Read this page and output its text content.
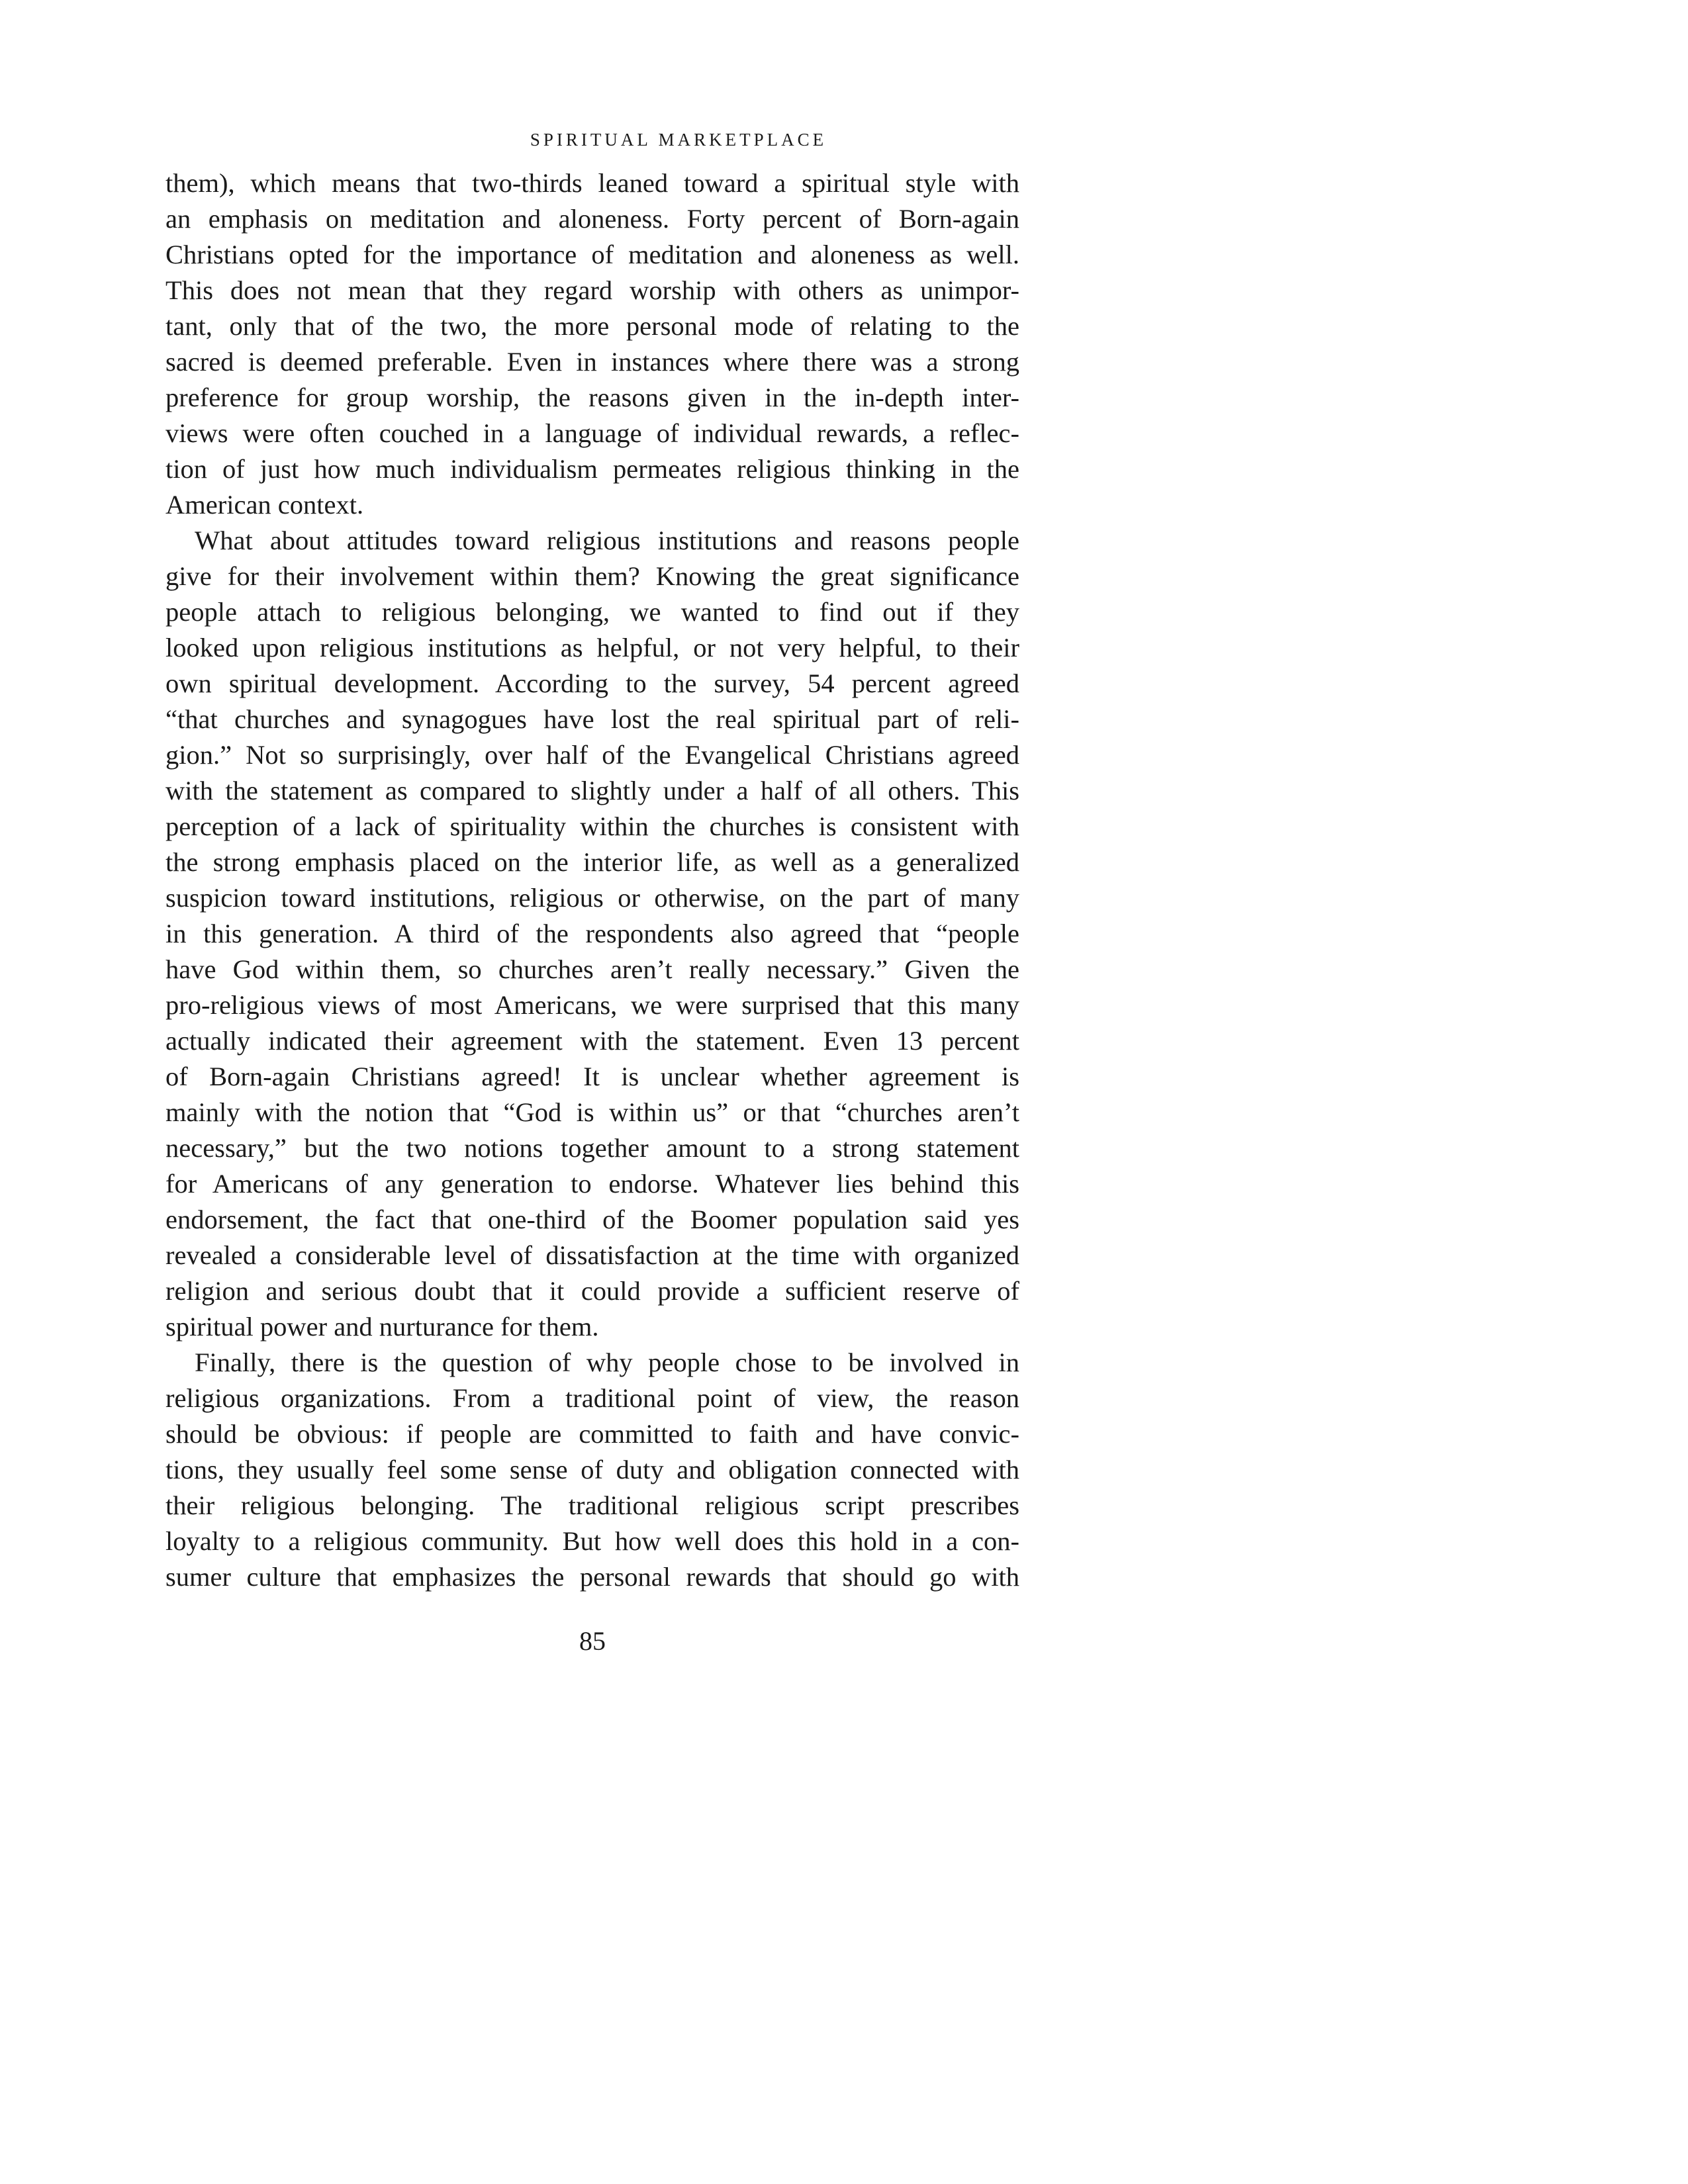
SPIRITUAL MARKETPLACE
them), which means that two-thirds leaned toward a spiritual style with
an emphasis on meditation and aloneness. Forty percent of Born-again
Christians opted for the importance of meditation and aloneness as well.
This does not mean that they regard worship with others as unimpor-
tant, only that of the two, the more personal mode of relating to the
sacred is deemed preferable. Even in instances where there was a strong
preference for group worship, the reasons given in the in-depth inter-
views were often couched in a language of individual rewards, a reflec-
tion of just how much individualism permeates religious thinking in the
American context.
What about attitudes toward religious institutions and reasons people
give for their involvement within them? Knowing the great significance
people attach to religious belonging, we wanted to find out if they
looked upon religious institutions as helpful, or not very helpful, to their
own spiritual development. According to the survey, 54 percent agreed
“that churches and synagogues have lost the real spiritual part of reli-
gion.” Not so surprisingly, over half of the Evangelical Christians agreed
with the statement as compared to slightly under a half of all others. This
perception of a lack of spirituality within the churches is consistent with
the strong emphasis placed on the interior life, as well as a generalized
suspicion toward institutions, religious or otherwise, on the part of many
in this generation. A third of the respondents also agreed that “people
have God within them, so churches aren’t really necessary.” Given the
pro-religious views of most Americans, we were surprised that this many
actually indicated their agreement with the statement. Even 13 percent
of Born-again Christians agreed! It is unclear whether agreement is
mainly with the notion that “God is within us” or that “churches aren’t
necessary,” but the two notions together amount to a strong statement
for Americans of any generation to endorse. Whatever lies behind this
endorsement, the fact that one-third of the Boomer population said yes
revealed a considerable level of dissatisfaction at the time with organized
religion and serious doubt that it could provide a sufficient reserve of
spiritual power and nurturance for them.
Finally, there is the question of why people chose to be involved in
religious organizations. From a traditional point of view, the reason
should be obvious: if people are committed to faith and have convic-
tions, they usually feel some sense of duty and obligation connected with
their religious belonging. The traditional religious script prescribes
loyalty to a religious community. But how well does this hold in a con-
sumer culture that emphasizes the personal rewards that should go with
85
